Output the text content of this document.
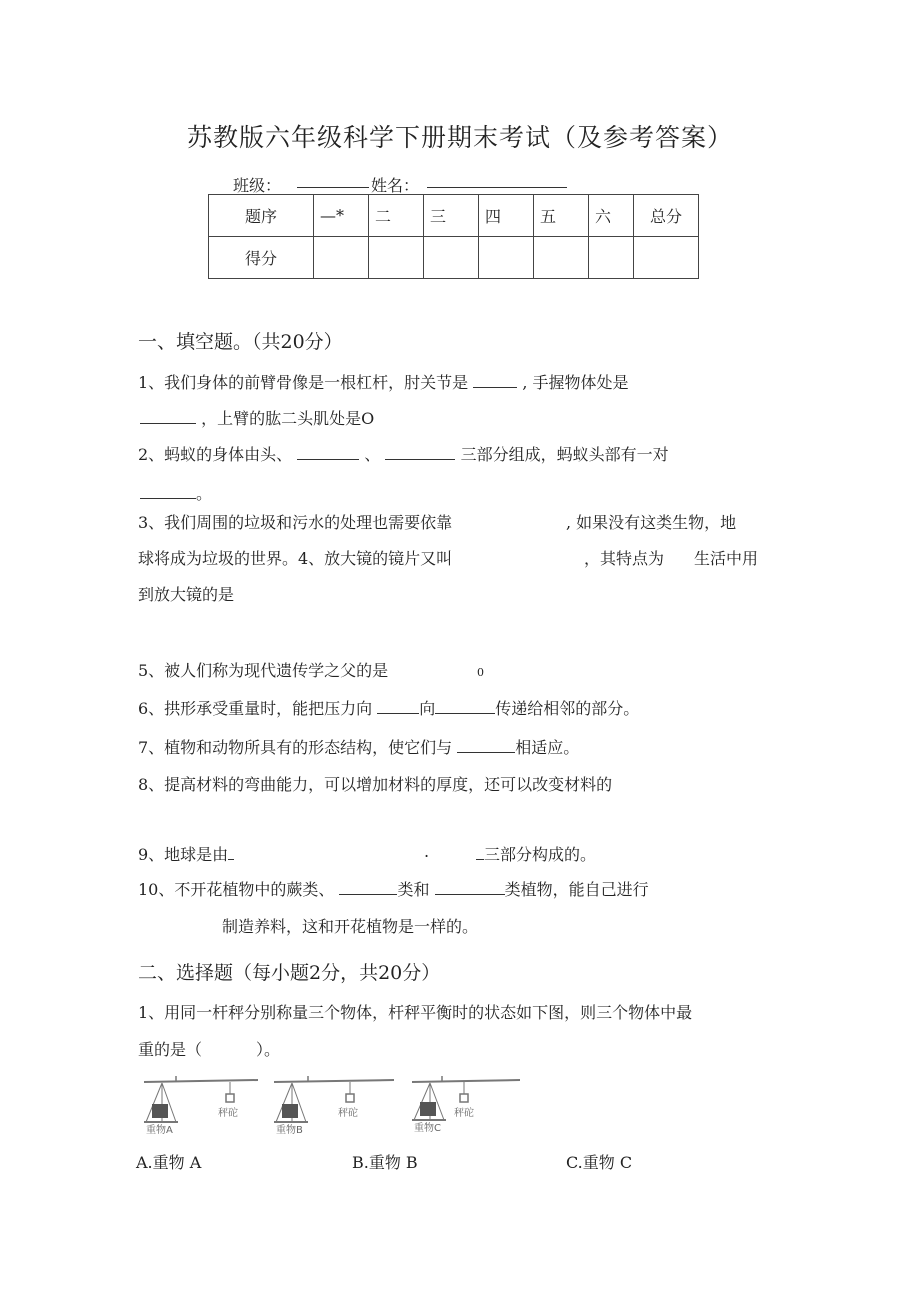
苏教版六年级科学下册期末考试（及参考答案）
班级：	姓名：
题序	—*	二	三	四	五	六	总分
得分							
一、填空题。（共20分）
1、我们身体的前臂骨像是一根杠杆，肘关节是	, 手握物体处是
，上臂的肱二头肌处是O
2、蚂蚁的身体由头、	、	三部分组成，蚂蚁头部有一对
。
3、我们周围的垃圾和污水的处理也需要依靠	, 如果没有这类生物，地
球将成为垃圾的世界。4、放大镜的镜片又叫	，其特点为 生活中用
到放大镜的是
5、被人们称为现代遗传学之父的是	0
6、拱形承受重量时，能把压力向	向	传递给相邻的部分。
7、植物和动物所具有的形态结构，使它们与	相适应。
8、提高材料的弯曲能力，可以增加材料的厚度，还可以改变材料的
9、地球是由	.	三部分构成的。
10、不开花植物中的蕨类、	类和	类植物，能自己进行
制造养料，这和开花植物是一样的。
二、选择题（每小题2分，共20分）
1、用同一杆秤分别称量三个物体，杆秤平衡时的状态如下图，则三个物体中最
重的是（	）。
重物A
秤砣
重物B
秤砣
重物C
秤砣
A.重物 A	B.重物 B	C.重物 C
